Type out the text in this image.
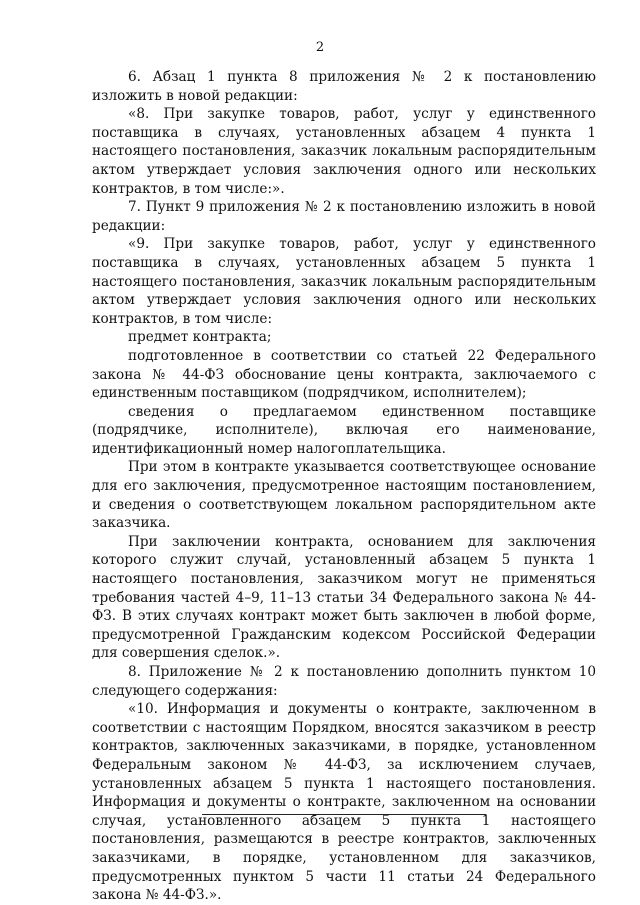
2

6. Абзац 1 пункта 8 приложения № 2 к постановлению изложить в новой редакции:

«8. При закупке товаров, работ, услуг у единственного поставщика в случаях, установленных абзацем 4 пункта 1 настоящего постановления, заказчик локальным распорядительным актом утверждает условия заключения одного или нескольких контрактов, в том числе:».

7. Пункт 9 приложения № 2 к постановлению изложить в новой редакции:

«9. При закупке товаров, работ, услуг у единственного поставщика в случаях, установленных абзацем 5 пункта 1 настоящего постановления, заказчик локальным распорядительным актом утверждает условия заключения одного или нескольких контрактов, в том числе:

предмет контракта;

подготовленное в соответствии со статьей 22 Федерального закона № 44-ФЗ обоснование цены контракта, заключаемого с единственным поставщиком (подрядчиком, исполнителем);

сведения о предлагаемом единственном поставщике (подрядчике, исполнителе), включая его наименование, идентификационный номер налогоплательщика.

При этом в контракте указывается соответствующее основание для его заключения, предусмотренное настоящим постановлением, и сведения о соответствующем локальном распорядительном акте заказчика.

При заключении контракта, основанием для заключения которого служит случай, установленный абзацем 5 пункта 1 настоящего постановления, заказчиком могут не применяться требования частей 4–9, 11–13 статьи 34 Федерального закона № 44-ФЗ. В этих случаях контракт может быть заключен в любой форме, предусмотренной Гражданским кодексом Российской Федерации для совершения сделок.».

8. Приложение № 2 к постановлению дополнить пунктом 10 следующего содержания:

«10. Информация и документы о контракте, заключенном в соответствии с настоящим Порядком, вносятся заказчиком в реестр контрактов, заключенных заказчиками, в порядке, установленном Федеральным законом № 44-ФЗ, за исключением случаев, установленных абзацем 5 пункта 1 настоящего постановления. Информация и документы о контракте, заключенном на основании случая, установленного абзацем 5 пункта 1 настоящего постановления, размещаются в реестре контрактов, заключенных заказчиками, в порядке, установленном для заказчиков, предусмотренных пунктом 5 части 11 статьи 24 Федерального закона № 44-ФЗ.».
